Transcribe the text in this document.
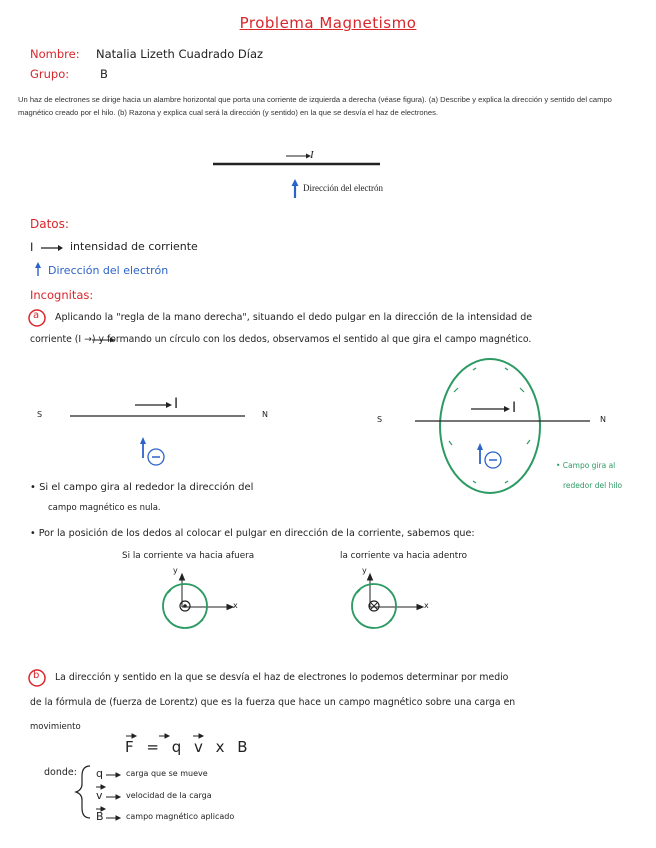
Problema Magnetismo
Nombre: Natalia Lizeth Cuadrado Díaz
Grupo:	B
Un haz de electrones se dirige hacia un alambre horizontal que porta una corriente de izquierda a derecha (véase figura). (a) Describe y explica la dirección y sentido del campo magnético creado por el hilo. (b) Razona y explica cual será la dirección (y sentido) en la que se desvía el haz de electrones.
I
Dirección del electrón
Datos:
I	intensidad de corriente
Dirección del electrón
Incognitas:
a Aplicando la "regla de la mano derecha", situando el dedo pulgar en la dirección de la intensidad de
corriente (I →) y formando un círculo con los dedos, observamos el sentido al que gira el campo magnético.
S	N
I
S	N
I
• Campo gira al
rededor del hilo
• Si el campo gira al rededor la dirección del
campo magnético es nula.
• Por la posición de los dedos al colocar el pulgar en dirección de la corriente, sabemos que:
Si la corriente va hacia afuera	la corriente va hacia adentro
y
x
y
x
b La dirección y sentido en la que se desvía el haz de electrones lo podemos determinar por medio
de la fórmula de (fuerza de Lorentz) que es la fuerza que hace un campo magnético sobre una carga en
movimiento
F = q v x B
donde: q	carga que se mueve
v	velocidad de la carga
B	campo magnético aplicado
